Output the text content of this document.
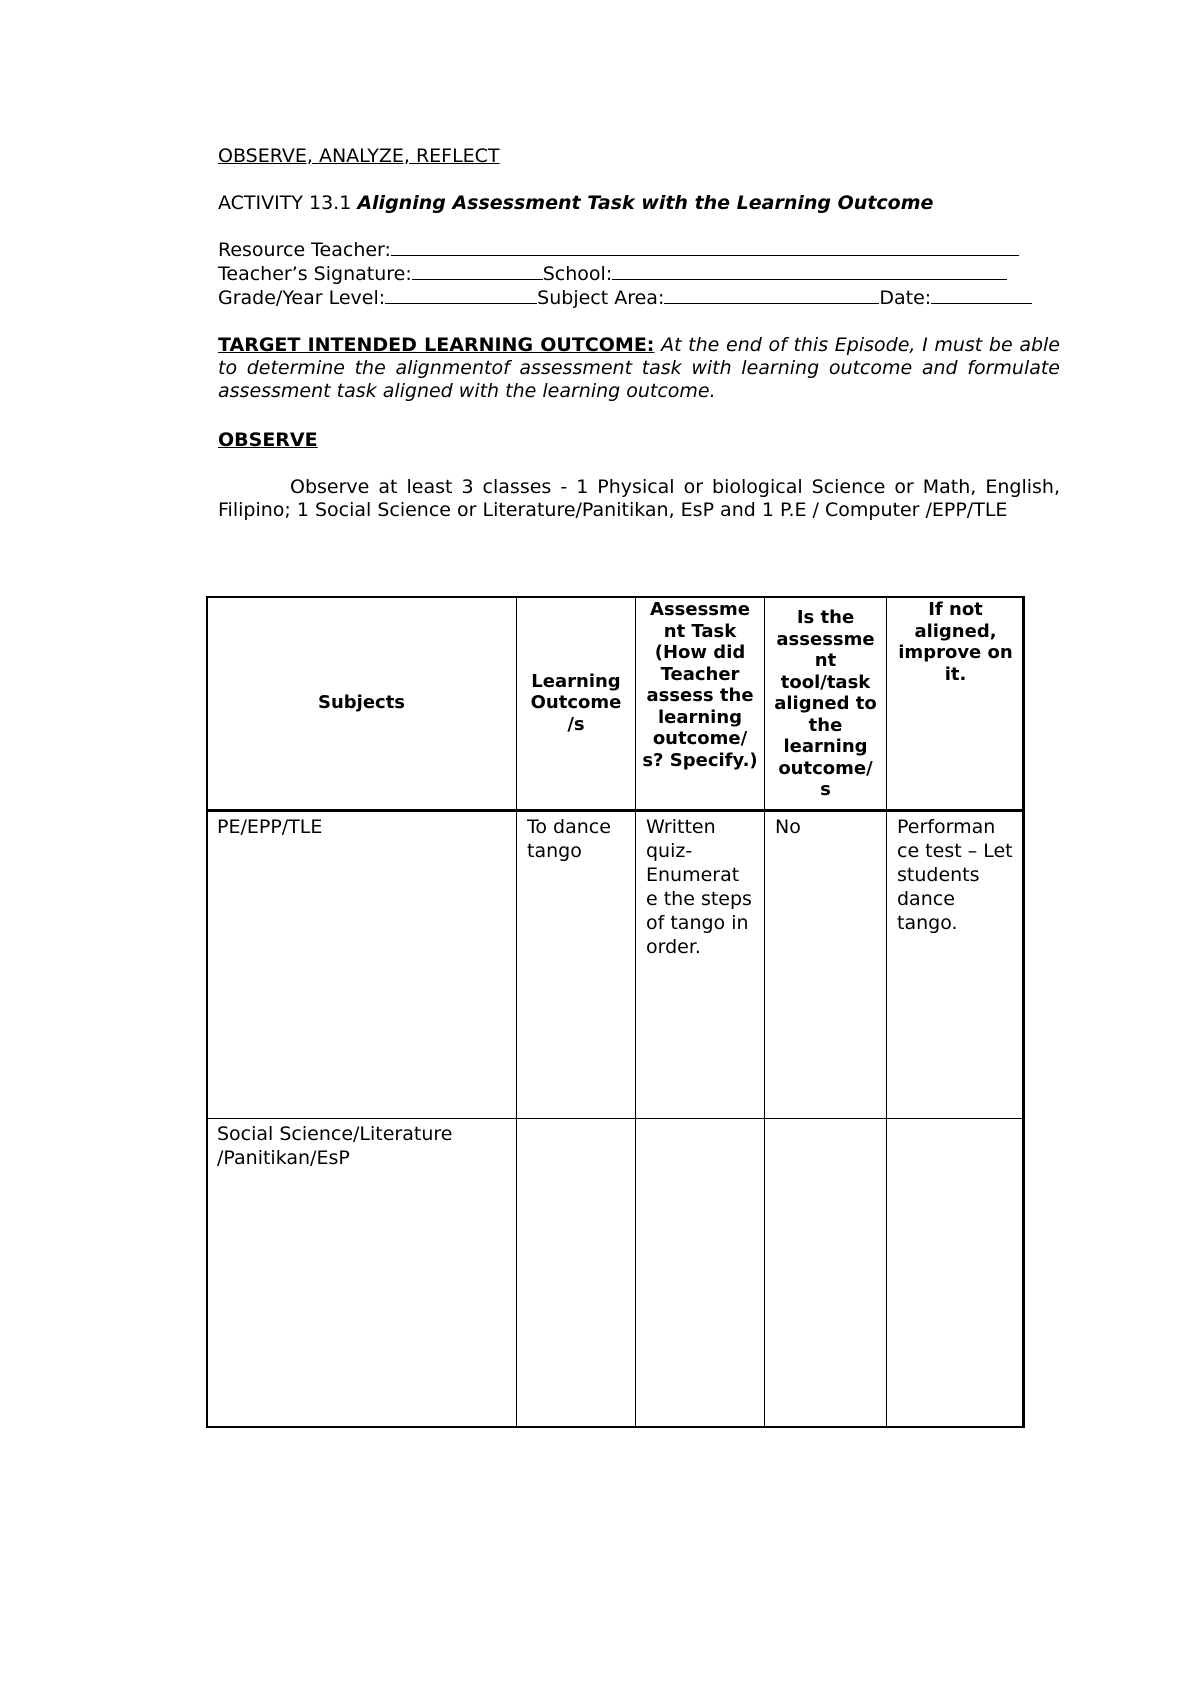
OBSERVE, ANALYZE, REFLECT
ACTIVITY 13.1 Aligning Assessment Task with the Learning Outcome
Resource Teacher:
Teacher’s Signature:	School:
Grade/Year Level:	Subject Area:	Date:
TARGET INTENDED LEARNING OUTCOME: At the end of this Episode, I must be able to determine the alignmentof assessment task with learning outcome and formulate assessment task aligned with the learning outcome.
OBSERVE
Observe at least 3 classes - 1 Physical or biological Science or Math, English, Filipino; 1 Social Science or Literature/Panitikan, EsP and 1 P.E / Computer /EPP/TLE
Subjects	Learning Outcome /s	Assessme nt Task (How did Teacher assess the learning outcome/ s? Specify.)	Is the assessme nt tool/task aligned to the learning outcome/ s	If not aligned, improve on it.
PE/EPP/TLE	To dance tango	Written quiz- Enumerat e the steps of tango in order.	No	Performan ce test – Let students dance tango.
Social Science/Literature /Panitikan/EsP				
